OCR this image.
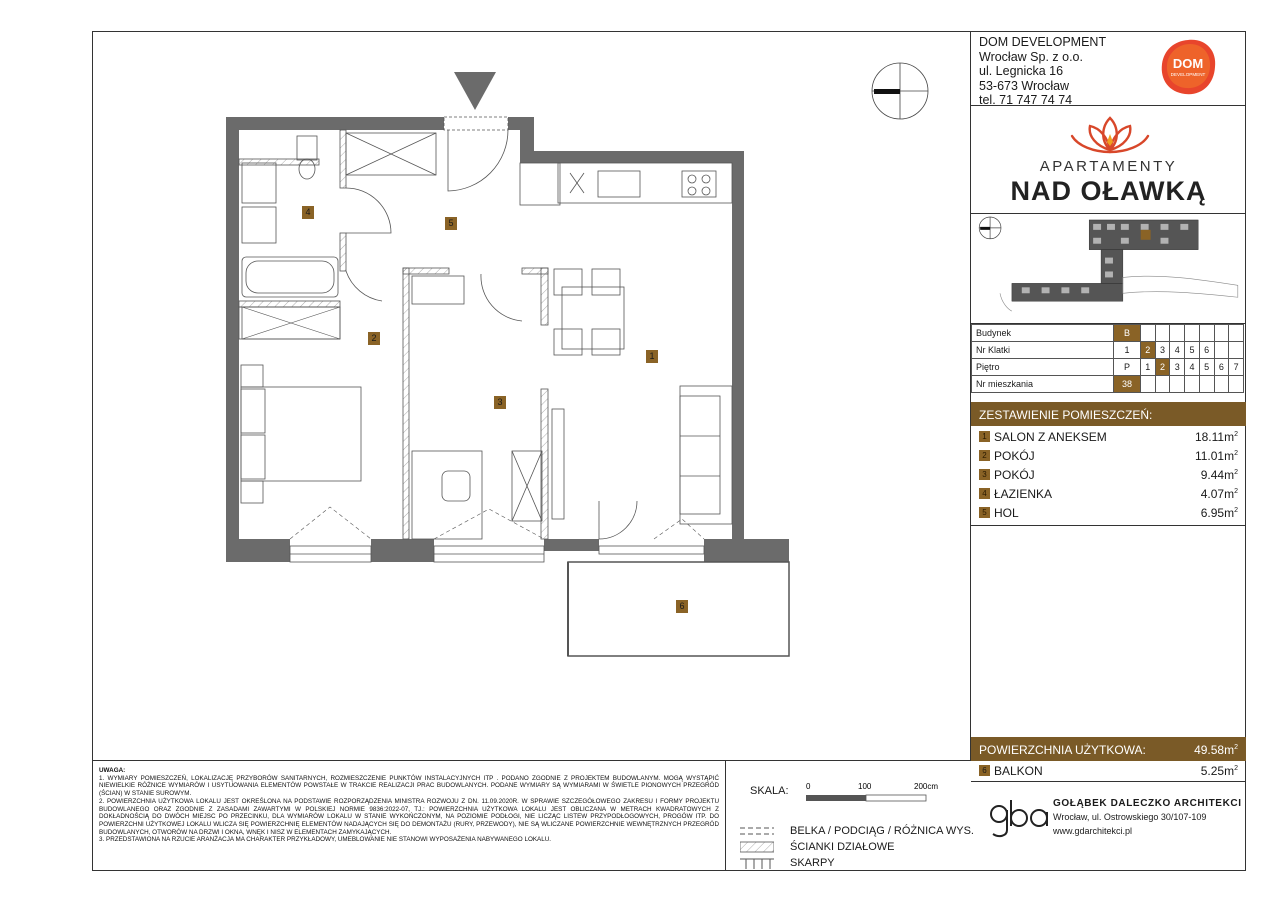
1
2
3
4
5
6
DOM DEVELOPMENT
Wrocław Sp. z o.o.
ul. Legnicka 16
53-673 Wrocław
tel. 71 747 74 74
DOM
DEVELOPMENT
APARTAMENTY
NAD OŁAWKĄ
Budynek	B							
Nr Klatki	1	2	3	4	5	6		
Piętro	P	1	2	3	4	5	6	7
Nr mieszkania	38							
ZESTAWIENIE POMIESZCZEŃ:
1 SALON Z ANEKSEM	$18.11m^2$
2 POKÓJ	$11.01m^2$
3 POKÓJ	$9.44m^2$
4 ŁAZIENKA	$4.07m^2$
5 HOL	$6.95m^2$
POWIERZCHNIA UŻYTKOWA:	$49.58m^2$
6 BALKON	$5.25m^2$
UWAGA:
1. WYMIARY POMIESZCZEŃ, LOKALIZACJĘ PRZYBORÓW SANITARNYCH, ROZMIESZCZENIE PUNKTÓW INSTALACYJNYCH ITP . PODANO ZGODNIE Z PROJEKTEM BUDOWLANYM. MOGĄ WYSTĄPIĆ NIEWIELKIE RÓŻNICE WYMIARÓW I USYTUOWANIA ELEMENTÓW POWSTAŁE W TRAKCIE REALIZACJI PRAC BUDOWLANYCH. PODANE WYMIARY SĄ WYMIARAMI W ŚWIETLE PIONOWYCH PRZEGRÓD (ŚCIAN) W STANIE SUROWYM.
2. POWIERZCHNIA UŻYTKOWA LOKALU JEST OKREŚLONA NA PODSTAWIE ROZPORZĄDZENIA MINISTRA ROZWOJU Z DN. 11.09.2020R. W SPRAWIE SZCZEGÓŁOWEGO ZAKRESU I FORMY PROJEKTU BUDOWLANEGO ORAZ ZGODNIE Z ZASADAMI ZAWARTYMI W POLSKIEJ NORMIE 9836:2022-07, TJ.: POWIERZCHNIA UŻYTKOWA LOKALU JEST OBLICZANA W METRACH KWADRATOWYCH Z DOKŁADNOŚCIĄ DO DWÓCH MIEJSC PO PRZECINKU, DLA WYMIARÓW LOKALU W STANIE WYKOŃCZONYM, NA POZIOMIE PODŁOGI, NIE LICZĄC LISTEW PRZYPODŁOGOWYCH, PROGÓW ITP. DO POWIERZCHNI UŻYTKOWEJ LOKALU WLICZA SIĘ POWIERZCHNIĘ ELEMENTÓW NADAJĄCYCH SIĘ DO DEMONTAŻU (RURY, PRZEWODY), NIE SĄ WLICZANE POWIERZCHNIE WEWNĘTRZNYCH PRZEGRÓD BUDOWLANYCH, OTWORÓW NA DRZWI I OKNA, WNĘK I NISZ W ELEMENTACH ZAMYKAJĄCYCH.
3. PRZEDSTAWIONA NA RZUCIE ARANŻACJA MA CHARAKTER PRZYKŁADOWY, UMEBLOWANIE NIE STANOWI WYPOSAŻENIA NABYWANEGO LOKALU.
SKALA: 0	100	200cm
BELKA / PODCIĄG / RÓŻNICA WYS.
ŚCIANKI DZIAŁOWE
SKARPY
GOŁĄBEK DALECZKO ARCHITEKCI
Wrocław, ul. Ostrowskiego 30/107-109
www.gdarchitekci.pl
